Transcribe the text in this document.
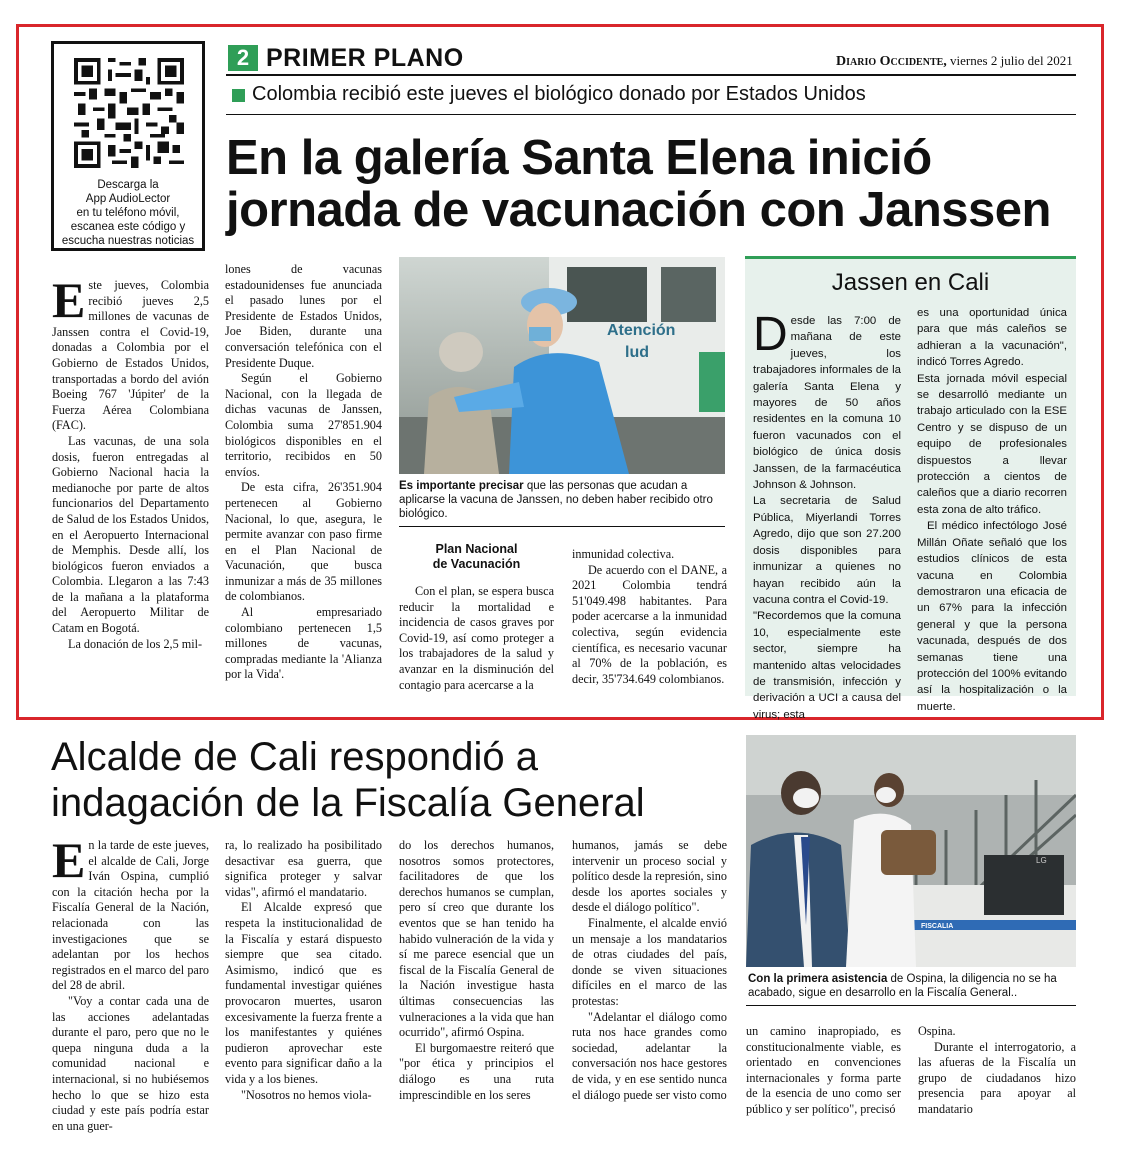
Descarga la
App AudioLector
en tu teléfono móvil,
escanea este código y
escucha nuestras noticias
2 PRIMER PLANO	Diario Occidente, viernes 2 julio del 2021
Colombia recibió este jueves el biológico donado por Estados Unidos
En la galería Santa Elena inició
jornada de vacunación con Janssen

Este jueves, Colombia recibió jueves 2,5 millones de vacunas de Janssen contra el Covid-19, donadas a Colombia por el Gobierno de Estados Unidos, transportadas a bordo del avión Boeing 767 'Júpiter' de la Fuerza Aérea Colombiana (FAC).

Las vacunas, de una sola dosis, fueron entregadas al Gobierno Nacional hacia la medianoche por parte de altos funcionarios del Departamento de Salud de los Estados Unidos, en el Aeropuerto Internacional de Memphis. Desde allí, los biológicos fueron enviados a Colombia. Llegaron a las 7:43 de la mañana a la plataforma del Aeropuerto Militar de Catam en Bogotá.

La donación de los 2,5 mil-

lones de vacunas estadounidenses fue anunciada el pasado lunes por el Presidente de Estados Unidos, Joe Biden, durante una conversación telefónica con el Presidente Duque.

Según el Gobierno Nacional, con la llegada de dichas vacunas de Janssen, Colombia suma 27'851.904 biológicos disponibles en el territorio, recibidos en 50 envíos.

De esta cifra, 26'351.904 pertenecen al Gobierno Nacional, lo que, asegura, le permite avanzar con paso firme en el Plan Nacional de Vacunación, que busca inmunizar a más de 35 millones de colombianos.

Al empresariado colombiano pertenecen 1,5 millones de vacunas, compradas mediante la 'Alianza por la Vida'.

Atención
lud
Es importante precisar que las personas que acudan a aplicarse la vacuna de Janssen, no deben haber recibido otro biológico.
Plan Nacional
de Vacunación

Con el plan, se espera busca reducir la mortalidad e incidencia de casos graves por Covid-19, así como proteger a los trabajadores de la salud y avanzar en la disminución del contagio para acercarse a la

inmunidad colectiva.

De acuerdo con el DANE, a 2021 Colombia tendrá 51'049.498 habitantes. Para poder acercarse a la inmunidad colectiva, según evidencia científica, es necesario vacunar al 70% de la población, es decir, 35'734.649 colombianos.

Jassen en Cali

Desde las 7:00 de mañana de este jueves, los trabajadores informales de la galería Santa Elena y mayores de 50 años residentes en la comuna 10 fueron vacunados con el biológico de única dosis Janssen, de la farmacéutica Johnson & Johnson.

La secretaria de Salud Pública, Miyerlandi Torres Agredo, dijo que son 27.200 dosis disponibles para inmunizar a quienes no hayan recibido aún la vacuna contra el Covid-19.

"Recordemos que la comuna 10, especialmente este sector, siempre ha mantenido altas velocidades de transmisión, infección y derivación a UCI a causa del virus; esta

es una oportunidad única para que más caleños se adhieran a la vacunación", indicó Torres Agredo.

Esta jornada móvil especial se desarrolló mediante un trabajo articulado con la ESE Centro y se dispuso de un equipo de profesionales dispuestos a llevar protección a cientos de caleños que a diario recorren esta zona de alto tráfico.

El médico infectólogo José Millán Oñate señaló que los estudios clínicos de esta vacuna en Colombia demostraron una eficacia de un 67% para la infección general y que la persona vacunada, después de dos semanas tiene una protección del 100% evitando así la hospitalización o la muerte.

Alcalde de Cali respondió a
indagación de la Fiscalía General

En la tarde de este jueves, el alcalde de Cali, Jorge Iván Ospina, cumplió con la citación hecha por la Fiscalía General de la Nación, relacionada con las investigaciones que se adelantan por los hechos registrados en el marco del paro del 28 de abril.

"Voy a contar cada una de las acciones adelantadas durante el paro, pero que no le quepa ninguna duda a la comunidad nacional e internacional, si no hubiésemos hecho lo que se hizo esta ciudad y este país podría estar en una guer-

ra, lo realizado ha posibilitado desactivar esa guerra, que significa proteger y salvar vidas", afirmó el mandatario.

El Alcalde expresó que respeta la institucionalidad de la Fiscalía y estará dispuesto siempre que sea citado. Asimismo, indicó que es fundamental investigar quiénes provocaron muertes, usaron excesivamente la fuerza frente a los manifestantes y quiénes pudieron aprovechar este evento para significar daño a la vida y a los bienes.

"Nosotros no hemos viola-

do los derechos humanos, nosotros somos protectores, facilitadores de que los derechos humanos se cumplan, pero sí creo que durante los eventos que se han tenido ha habido vulneración de la vida y sí me parece esencial que un fiscal de la Fiscalía General de la Nación investigue hasta últimas consecuencias las vulneraciones a la vida que han ocurrido", afirmó Ospina.

El burgomaestre reiteró que "por ética y principios el diálogo es una ruta imprescindible en los seres

humanos, jamás se debe intervenir un proceso social y político desde la represión, sino desde los aportes sociales y desde el diálogo político".

Finalmente, el alcalde envió un mensaje a los mandatarios de otras ciudades del país, donde se viven situaciones difíciles en el marco de las protestas:

"Adelantar el diálogo como ruta nos hace grandes como sociedad, adelantar la conversación nos hace gestores de vida, y en ese sentido nunca el diálogo puede ser visto como

LG
FISCALIA
Con la primera asistencia de Ospina, la diligencia no se ha acabado, sigue en desarrollo en la Fiscalía General..

un camino inapropiado, es constitucionalmente viable, es orientado en convenciones internacionales y forma parte de la esencia de uno como ser público y ser político", precisó

Ospina.

Durante el interrogatorio, a las afueras de la Fiscalía un grupo de ciudadanos hizo presencia para apoyar al mandatario
